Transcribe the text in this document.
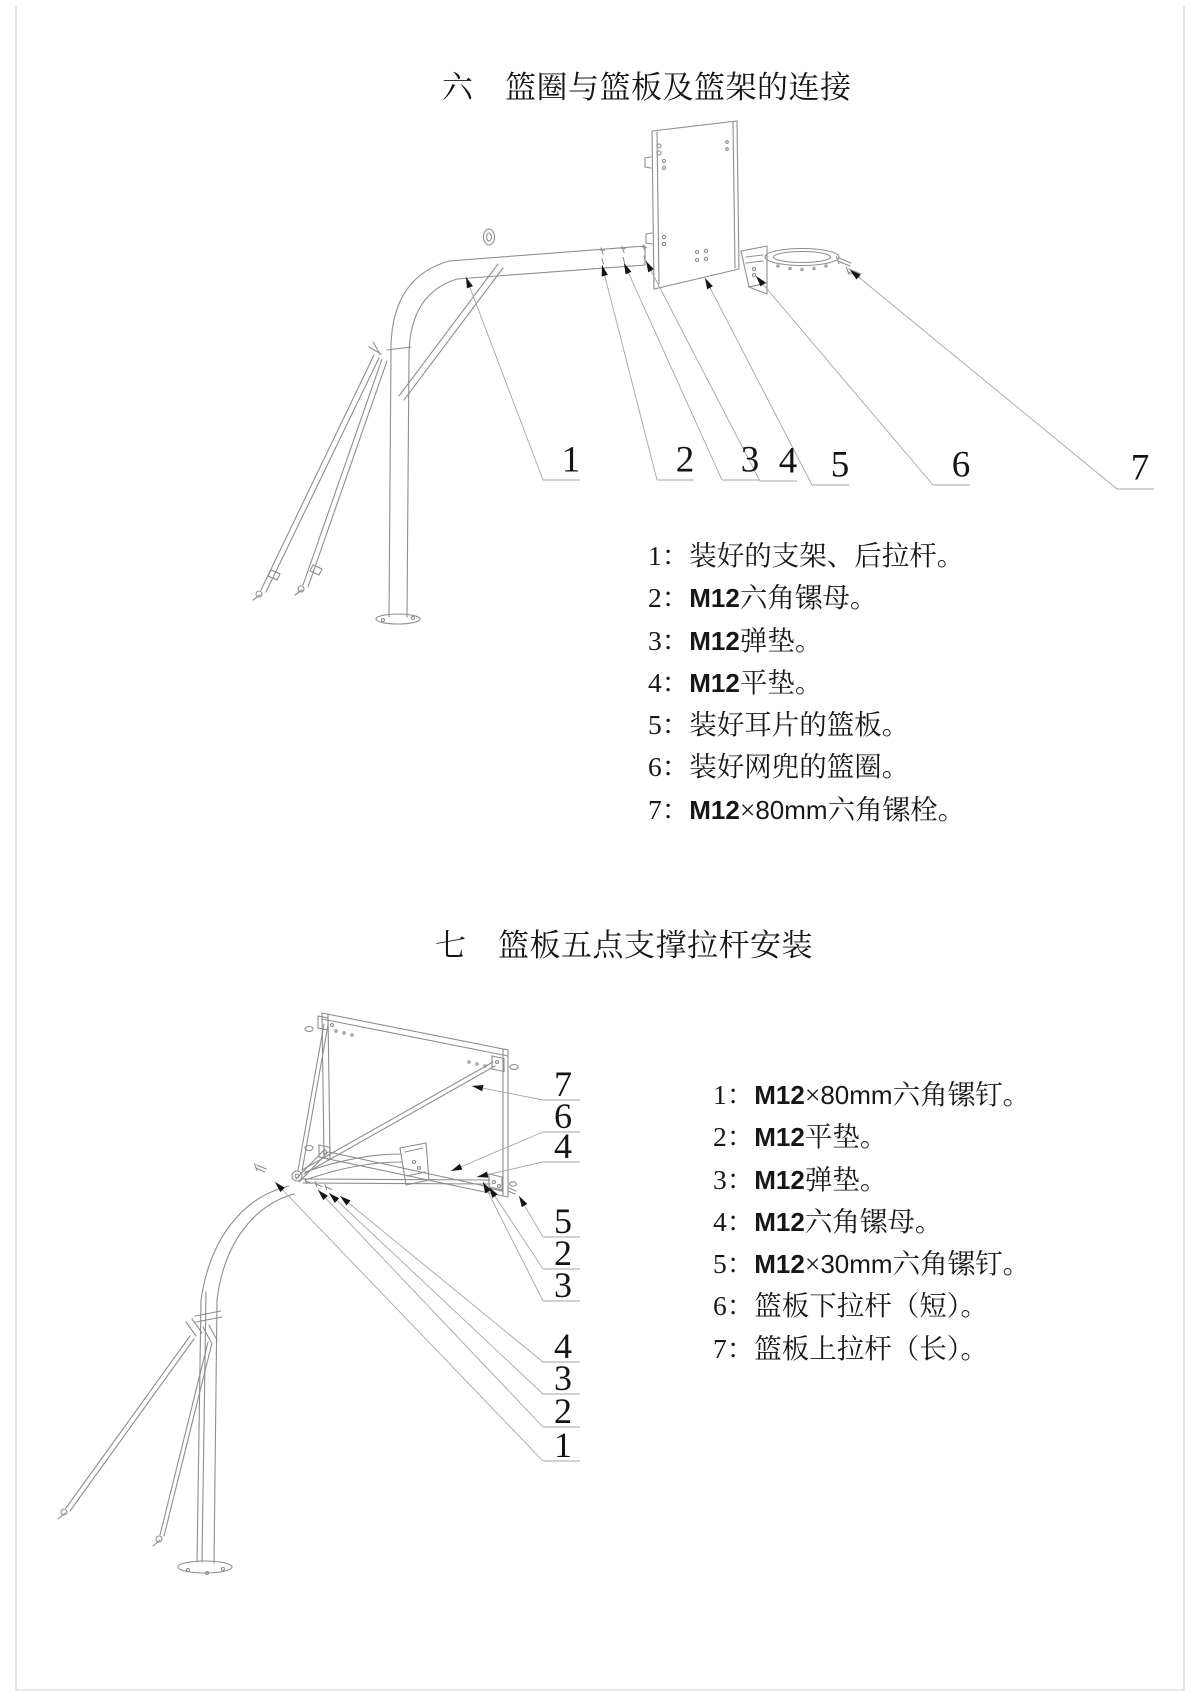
六　篮圈与篮板及篮架的连接
1：装好的支架、后拉杆。
2：M12六角镙母。
3：M12弹垫。
4：M12平垫。
5：装好耳片的篮板。
6：装好网兜的篮圈。
7：M12×80mm六角镙栓。
七　篮板五点支撑拉杆安装
1：M12×80mm六角镙钉。
2：M12平垫。
3：M12弹垫。
4：M12六角镙母。
5：M12×30mm六角镙钉。
6：篮板下拉杆（短）。
7：篮板上拉杆（长）。
1	2 3 4 5	6	7
7
6
4
5
2
3
4
3
2
1
